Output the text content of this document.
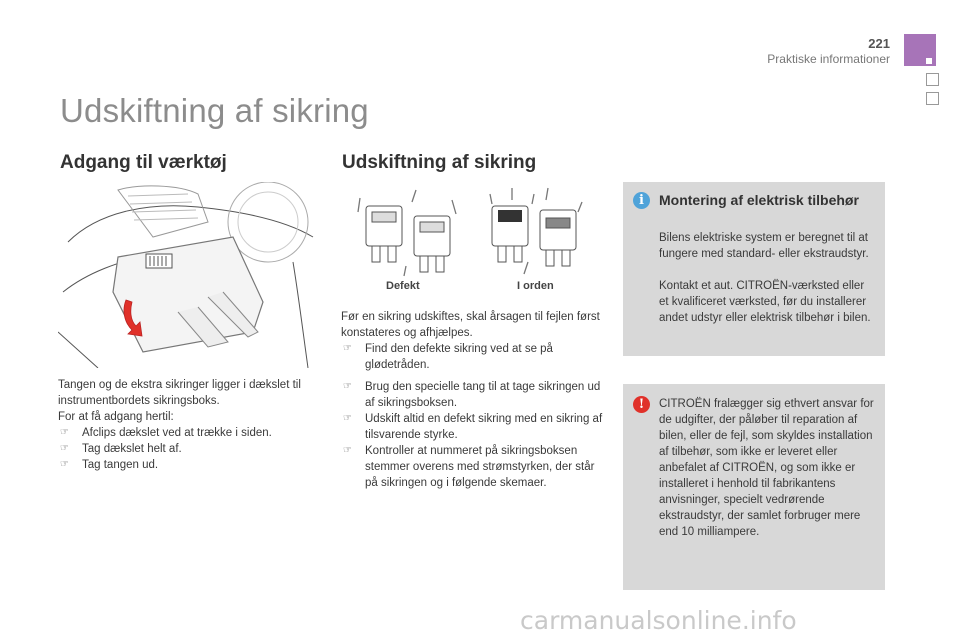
221
Praktiske informationer
Udskiftning af sikring
Adgang til værktøj
Tangen og de ekstra sikringer ligger i dækslet til instrumentbordets sikringsboks.
For at få adgang hertil:
☞ Afclips dækslet ved at trække i siden.
☞ Tag dækslet helt af.
☞ Tag tangen ud.
Udskiftning af sikring
Defekt	I orden
Før en sikring udskiftes, skal årsagen til fejlen først konstateres og afhjælpes.
☞ Find den defekte sikring ved at se på glødetråden.
☞ Brug den specielle tang til at tage sikringen ud af sikringsboksen.
☞ Udskift altid en defekt sikring med en sikring af tilsvarende styrke.
☞ Kontroller at nummeret på sikringsboksen stemmer overens med strømstyrken, der står på sikringen og i følgende skemaer.
i	Montering af elektrisk tilbehør
Bilens elektriske system er beregnet til at fungere med standard- eller ekstraudstyr.
Kontakt et aut. CITROËN-værksted eller et kvalificeret værksted, før du installerer andet udstyr eller elektrisk tilbehør i bilen.
!	CITROËN fralægger sig ethvert ansvar for de udgifter, der påløber til reparation af bilen, eller de fejl, som skyldes installation af tilbehør, som ikke er leveret eller anbefalet af CITROËN, og som ikke er installeret i henhold til fabrikantens anvisninger, specielt vedrørende ekstraudstyr, der samlet forbruger mere end 10 milliampere.
carmanualsonline.info
